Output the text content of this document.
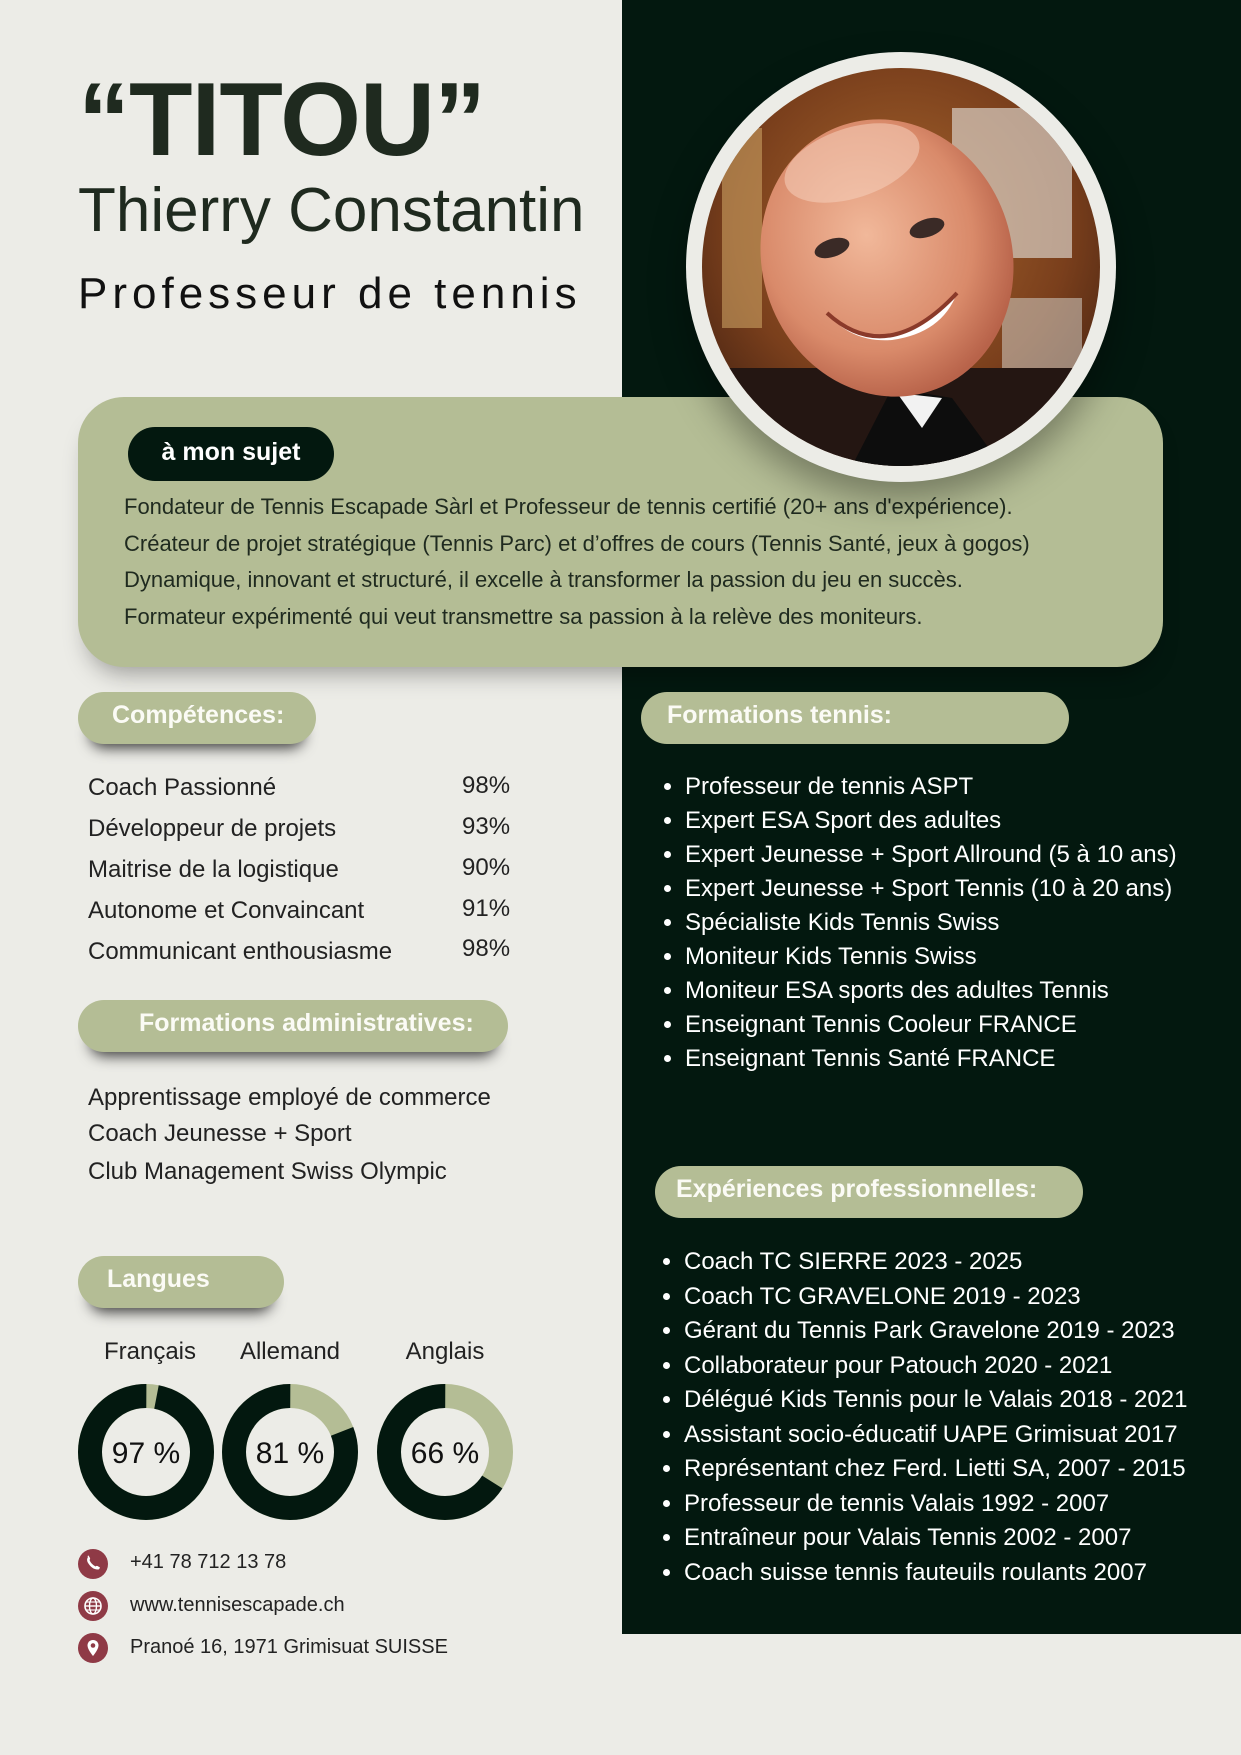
“TITOU”
Thierry Constantin
Professeur de tennis
à mon sujet
Fondateur de Tennis Escapade Sàrl et Professeur de tennis certifié (20+ ans d'expérience).
Créateur de projet stratégique (Tennis Parc) et d’offres de cours (Tennis Santé, jeux à gogos)
Dynamique, innovant et structuré, il excelle à transformer la passion du jeu en succès.
Formateur expérimenté qui veut transmettre sa passion à la relève des moniteurs.
Compétences:
Coach Passionné	98%
Développeur de projets	93%
Maitrise de la logistique	90%
Autonome et Convaincant	91%
Communicant enthousiasme	98%
Formations administratives:
Apprentissage employé de commerce
Coach Jeunesse + Sport
Club Management Swiss Olympic
Langues
Français	Allemand	Anglais
97 %	81 %	66 %
+41 78 712 13 78
www.tennisescapade.ch
Pranoé 16, 1971 Grimisuat SUISSE
Formations tennis:
• Professeur de tennis ASPT
• Expert ESA Sport des adultes
• Expert Jeunesse + Sport Allround (5 à 10 ans)
• Expert Jeunesse + Sport Tennis (10 à 20 ans)
• Spécialiste Kids Tennis Swiss
• Moniteur Kids Tennis Swiss
• Moniteur ESA sports des adultes Tennis
• Enseignant Tennis Cooleur FRANCE
• Enseignant Tennis Santé FRANCE
Expériences professionnelles:
• Coach TC SIERRE 2023 - 2025
• Coach TC GRAVELONE 2019 - 2023
• Gérant du Tennis Park Gravelone 2019 - 2023
• Collaborateur pour Patouch 2020 - 2021
• Délégué Kids Tennis pour le Valais 2018 - 2021
• Assistant socio-éducatif UAPE Grimisuat 2017
• Représentant chez Ferd. Lietti SA, 2007 - 2015
• Professeur de tennis Valais 1992 - 2007
• Entraîneur pour Valais Tennis 2002 - 2007
• Coach suisse tennis fauteuils roulants 2007
